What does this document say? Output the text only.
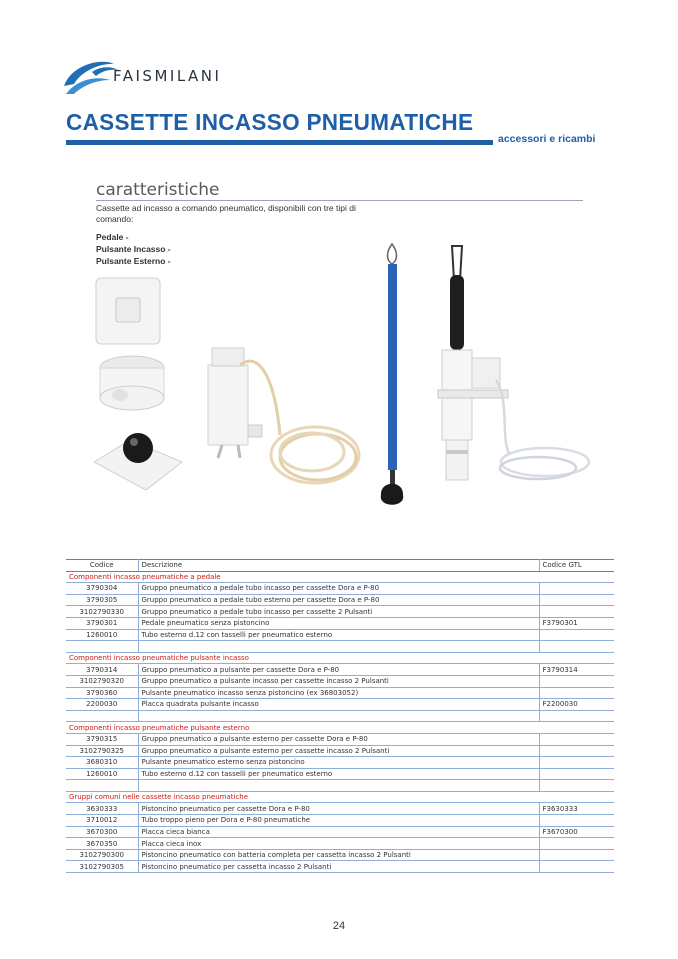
FAISMILANI
CASSETTE INCASSO PNEUMATICHE
accessori e ricambi
caratteristiche
Cassette ad incasso a comando pneumatico, disponibili con tre tipi di comando:
Pedale -
Pulsante Incasso -
Pulsante Esterno -
Codice	Descrizione	Codice GTL
Componenti incasso pneumatiche a pedale		
3790304	Gruppo pneumatico a pedale tubo incasso per cassette Dora e P-80	
3790305	Gruppo pneumatico a pedale tubo esterno per cassette Dora e P-80	
3102790330	Gruppo pneumatico a pedale tubo incasso per cassette 2 Pulsanti	
3790301	Pedale pneumatico senza pistoncino	F3790301
1260010	Tubo esterno d.12 con tasselli per pneumatico esterno	

Componenti incasso pneumatiche pulsante incasso		
3790314	Gruppo pneumatico a pulsante per cassette Dora e P-80	F3790314
3102790320	Gruppo pneumatico a pulsante incasso per cassette incasso 2 Pulsanti	
3790360	Pulsante pneumatico incasso senza pistoncino (ex 36803052)	
2200030	Placca quadrata pulsante incasso	F2200030

Componenti incasso pneumatiche pulsante esterno		
3790315	Gruppo pneumatico a pulsante esterno per cassette Dora e P-80	
3102790325	Gruppo pneumatico a pulsante esterno per cassette incasso 2 Pulsanti	
3680310	Pulsante pneumatico esterno senza pistoncino	
1260010	Tubo esterno d.12 con tasselli per pneumatico esterno	

Gruppi comuni nelle cassette incasso pneumatiche		
3630333	Pistoncino pneumatico per cassette Dora e P-80	F3630333
3710012	Tubo troppo pieno per Dora e P-80 pneumatiche	
3670300	Placca cieca bianca	F3670300
3670350	Placca cieca inox	
3102790300	Pistoncino pneumatico con batteria completa per cassetta incasso 2 Pulsanti	
3102790305	Pistoncino pneumatico per cassetta incasso 2 Pulsanti	
24
